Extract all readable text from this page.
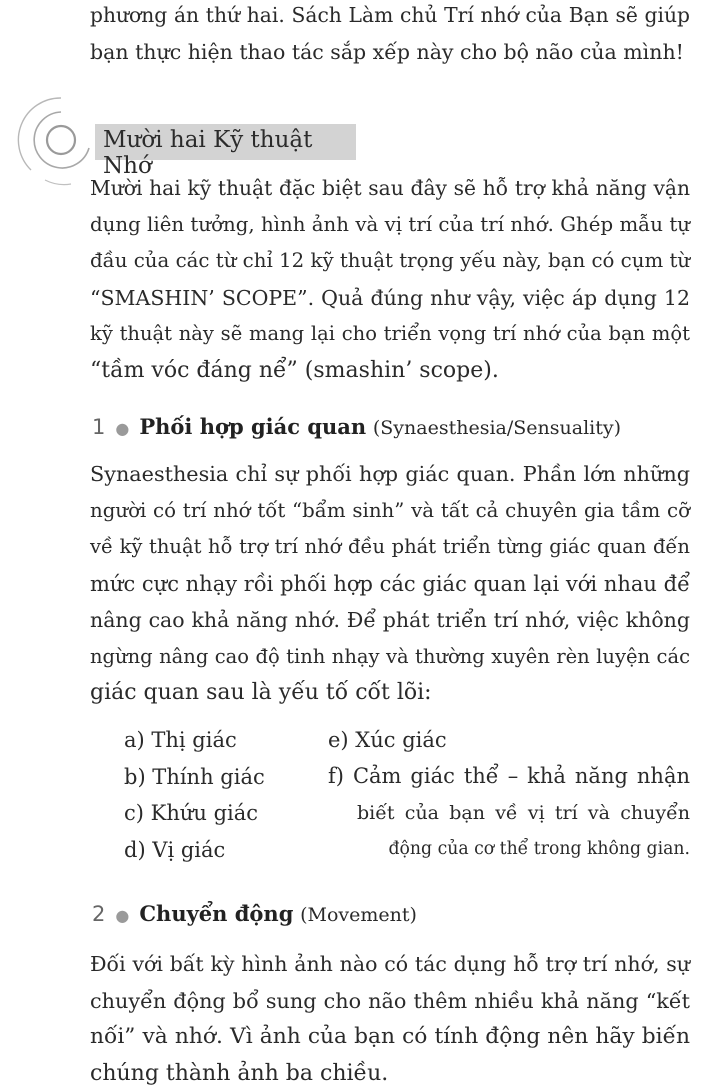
phương án thứ hai. Sách Làm chủ Trí nhớ của Bạn sẽ giúp
bạn thực hiện thao tác sắp xếp này cho bộ não của mình!
Mười hai Kỹ thuật Nhớ
Mười hai kỹ thuật đặc biệt sau đây sẽ hỗ trợ khả năng vận
dụng liên tưởng, hình ảnh và vị trí của trí nhớ. Ghép mẫu tự
đầu của các từ chỉ 12 kỹ thuật trọng yếu này, bạn có cụm từ
“SMASHIN’ SCOPE”. Quả đúng như vậy, việc áp dụng 12
kỹ thuật này sẽ mang lại cho triển vọng trí nhớ của bạn một
“tầm vóc đáng nể” (smashin’ scope).
1 ● Phối hợp giác quan (Synaesthesia/Sensuality)
Synaesthesia chỉ sự phối hợp giác quan. Phần lớn những
người có trí nhớ tốt “bẩm sinh” và tất cả chuyên gia tầm cỡ
về kỹ thuật hỗ trợ trí nhớ đều phát triển từng giác quan đến
mức cực nhạy rồi phối hợp các giác quan lại với nhau để
nâng cao khả năng nhớ. Để phát triển trí nhớ, việc không
ngừng nâng cao độ tinh nhạy và thường xuyên rèn luyện các
giác quan sau là yếu tố cốt lõi:
a) Thị giác
b) Thính giác
c) Khứu giác
d) Vị giác
e) Xúc giác
f) Cảm giác thể – khả năng nhận
biết của bạn về vị trí và chuyển
động của cơ thể trong không gian.
2 ● Chuyển động (Movement)
Đối với bất kỳ hình ảnh nào có tác dụng hỗ trợ trí nhớ, sự
chuyển động bổ sung cho não thêm nhiều khả năng “kết
nối” và nhớ. Vì ảnh của bạn có tính động nên hãy biến
chúng thành ảnh ba chiều.
